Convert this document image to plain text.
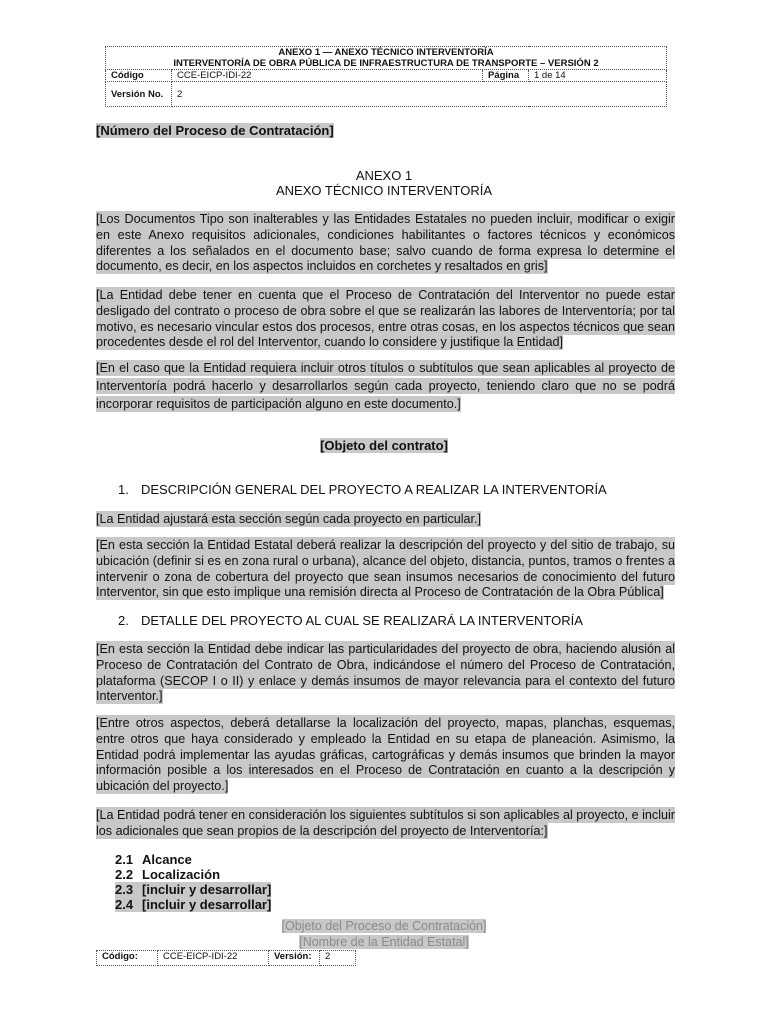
ANEXO 1 — ANEXO TÉCNICO INTERVENTORÍA
INTERVENTORÍA DE OBRA PÚBLICA DE INFRAESTRUCTURA DE TRANSPORTE – VERSIÓN 2			

Código	CCE-EICP-IDI-22	Página	1 de 14
Versión No.	2		
[Número del Proceso de Contratación]
ANEXO 1
ANEXO TÉCNICO INTERVENTORÍA
[Los Documentos Tipo son inalterables y las Entidades Estatales no pueden incluir, modificar o exigir en este Anexo requisitos adicionales, condiciones habilitantes o factores técnicos y económicos diferentes a los señalados en el documento base; salvo cuando de forma expresa lo determine el documento, es decir, en los aspectos incluidos en corchetes y resaltados en gris]
[La Entidad debe tener en cuenta que el Proceso de Contratación del Interventor no puede estar desligado del contrato o proceso de obra sobre el que se realizarán las labores de Interventoría; por tal motivo, es necesario vincular estos dos procesos, entre otras cosas, en los aspectos técnicos que sean procedentes desde el rol del Interventor, cuando lo considere y justifique la Entidad]
[En el caso que la Entidad requiera incluir otros títulos o subtítulos que sean aplicables al proyecto de Interventoría podrá hacerlo y desarrollarlos según cada proyecto, teniendo claro que no se podrá incorporar requisitos de participación alguno en este documento.]
[Objeto del contrato]
1. DESCRIPCIÓN GENERAL DEL PROYECTO A REALIZAR LA INTERVENTORÍA
[La Entidad ajustará esta sección según cada proyecto en particular.]
[En esta sección la Entidad Estatal deberá realizar la descripción del proyecto y del sitio de trabajo, su ubicación (definir si es en zona rural o urbana), alcance del objeto, distancia, puntos, tramos o frentes a intervenir o zona de cobertura del proyecto que sean insumos necesarios de conocimiento del futuro Interventor, sin que esto implique una remisión directa al Proceso de Contratación de la Obra Pública]
2. DETALLE DEL PROYECTO AL CUAL SE REALIZARÁ LA INTERVENTORÍA
[En esta sección la Entidad debe indicar las particularidades del proyecto de obra, haciendo alusión al Proceso de Contratación del Contrato de Obra, indicándose el número del Proceso de Contratación, plataforma (SECOP I o II) y enlace y demás insumos de mayor relevancia para el contexto del futuro Interventor.]
[Entre otros aspectos, deberá detallarse la localización del proyecto, mapas, planchas, esquemas, entre otros que haya considerado y empleado la Entidad en su etapa de planeación. Asimismo, la Entidad podrá implementar las ayudas gráficas, cartográficas y demás insumos que brinden la mayor información posible a los interesados en el Proceso de Contratación en cuanto a la descripción y ubicación del proyecto.]
[La Entidad podrá tener en consideración los siguientes subtítulos si son aplicables al proyecto, e incluir los adicionales que sean propios de la descripción del proyecto de Interventoría:]
2.1 Alcance
2.2 Localización
2.3 [incluir y desarrollar]
2.4 [incluir y desarrollar]
[Objeto del Proceso de Contratación]
[Nombre de la Entidad Estatal]
Código:	CCE-EICP-IDI-22	Versión:	2
